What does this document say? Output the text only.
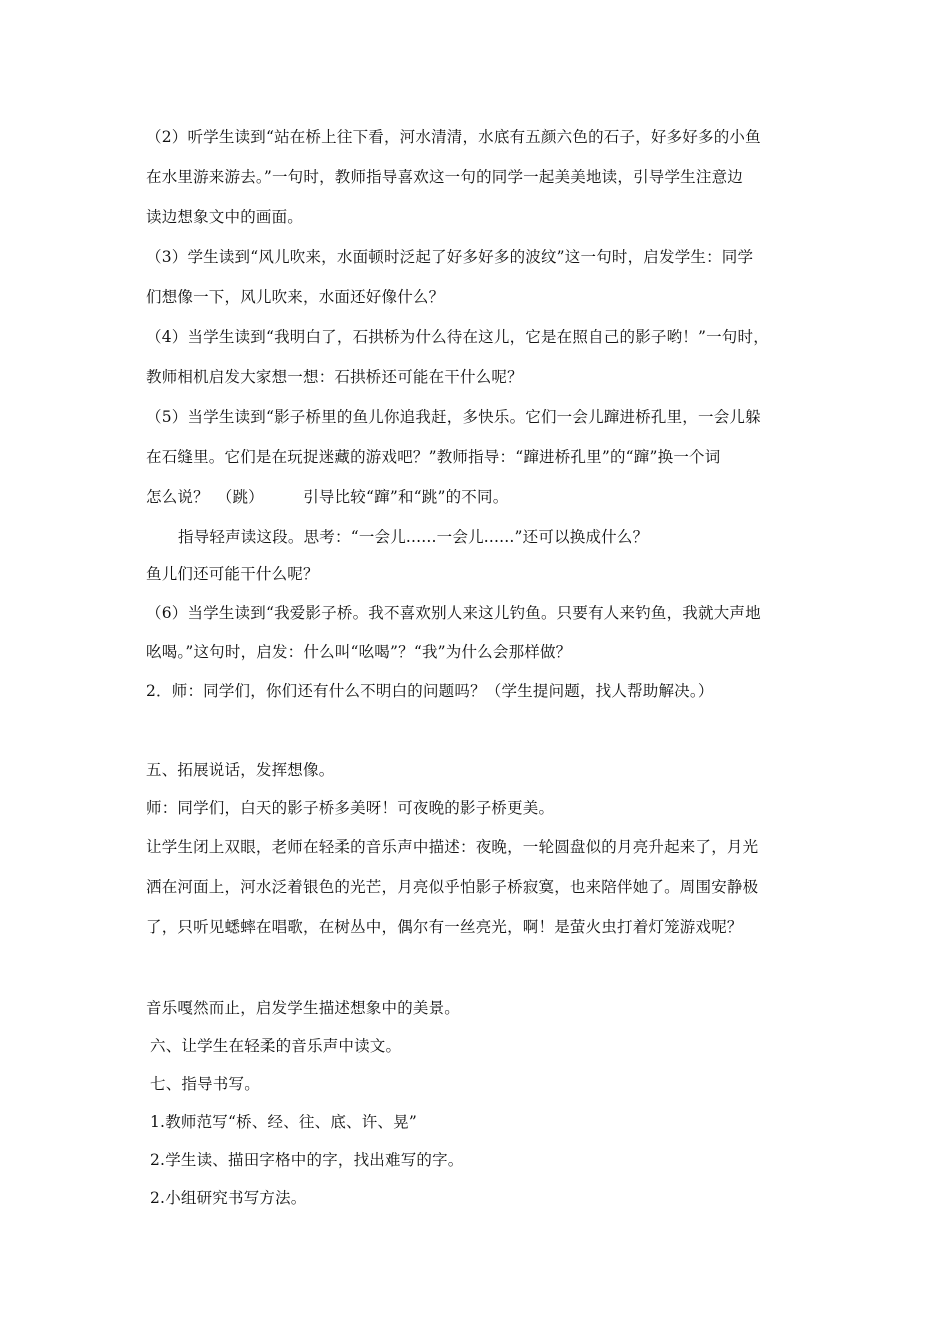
（2）听学生读到“站在桥上往下看，河水清清，水底有五颜六色的石子，好多好多的小鱼
在水里游来游去。”一句时，教师指导喜欢这一句的同学一起美美地读，引导学生注意边
读边想象文中的画面。
（3）学生读到“风儿吹来，水面顿时泛起了好多好多的波纹”这一句时，启发学生：同学
们想像一下，风儿吹来，水面还好像什么？
（4）当学生读到“我明白了，石拱桥为什么待在这儿，它是在照自己的影子哟！”一句时，
教师相机启发大家想一想：石拱桥还可能在干什么呢？
（5）当学生读到“影子桥里的鱼儿你追我赶，多快乐。它们一会儿蹿进桥孔里，一会儿躲
在石缝里。它们是在玩捉迷藏的游戏吧？”教师指导：“蹿进桥孔里”的“蹿”换一个词
怎么说？　（跳）　　　引导比较“蹿”和“跳”的不同。
指导轻声读这段。思考：“一会儿......一会儿......”还可以换成什么？
鱼儿们还可能干什么呢？
（6）当学生读到“我爱影子桥。我不喜欢别人来这儿钓鱼。只要有人来钓鱼，我就大声地
吆喝。”这句时，启发：什么叫“吆喝”？“我”为什么会那样做？
2．师：同学们，你们还有什么不明白的问题吗？（学生提问题，找人帮助解决。）
五、拓展说话，发挥想像。
师：同学们，白天的影子桥多美呀！可夜晚的影子桥更美。
让学生闭上双眼，老师在轻柔的音乐声中描述：夜晚，一轮圆盘似的月亮升起来了，月光
洒在河面上，河水泛着银色的光芒，月亮似乎怕影子桥寂寞，也来陪伴她了。周围安静极
了，只听见蟋蟀在唱歌，在树丛中，偶尔有一丝亮光，啊！是萤火虫打着灯笼游戏呢？
音乐嘎然而止，启发学生描述想象中的美景。
六、让学生在轻柔的音乐声中读文。
七、指导书写。
1.教师范写“桥、经、往、底、许、晃”
2.学生读、描田字格中的字，找出难写的字。
2.小组研究书写方法。
